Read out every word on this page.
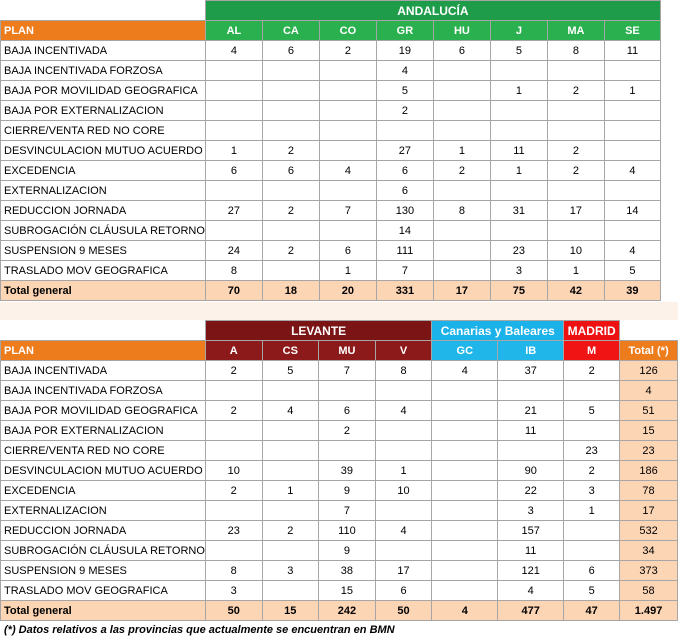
	ANDALUCÍA							
PLAN	AL	CA	CO	GR	HU	J	MA	SE
BAJA INCENTIVADA	4	6	2	19	6	5	8	11
BAJA INCENTIVADA FORZOSA				4				
BAJA POR MOVILIDAD GEOGRAFICA				5		1	2	1
BAJA POR EXTERNALIZACION				2				
CIERRE/VENTA RED NO CORE								
DESVINCULACION MUTUO ACUERDO	1	2		27	1	11	2	
EXCEDENCIA	6	6	4	6	2	1	2	4
EXTERNALIZACION				6				
REDUCCION JORNADA	27	2	7	130	8	31	17	14
SUBROGACIÓN CLÁUSULA RETORNO				14				
SUSPENSION 9 MESES	24	2	6	111		23	10	4
TRASLADO MOV GEOGRAFICA	8		1	7		3	1	5
Total general	70	18	20	331	17	75	42	39
	LEVANTE				Canarias y Baleares		MADRID	
PLAN	A	CS	MU	V	GC	IB	M	Total (*)
BAJA INCENTIVADA	2	5	7	8	4	37	2	126
BAJA INCENTIVADA FORZOSA								4
BAJA POR MOVILIDAD GEOGRAFICA	2	4	6	4		21	5	51
BAJA POR EXTERNALIZACION			2			11		15
CIERRE/VENTA RED NO CORE							23	23
DESVINCULACION MUTUO ACUERDO	10		39	1		90	2	186
EXCEDENCIA	2	1	9	10		22	3	78
EXTERNALIZACION			7			3	1	17
REDUCCION JORNADA	23	2	110	4		157		532
SUBROGACIÓN CLÁUSULA RETORNO			9			11		34
SUSPENSION 9 MESES	8	3	38	17		121	6	373
TRASLADO MOV GEOGRAFICA	3		15	6		4	5	58
Total general	50	15	242	50	4	477	47	1.497
(*) Datos relativos a las provincias que actualmente se encuentran en BMN
